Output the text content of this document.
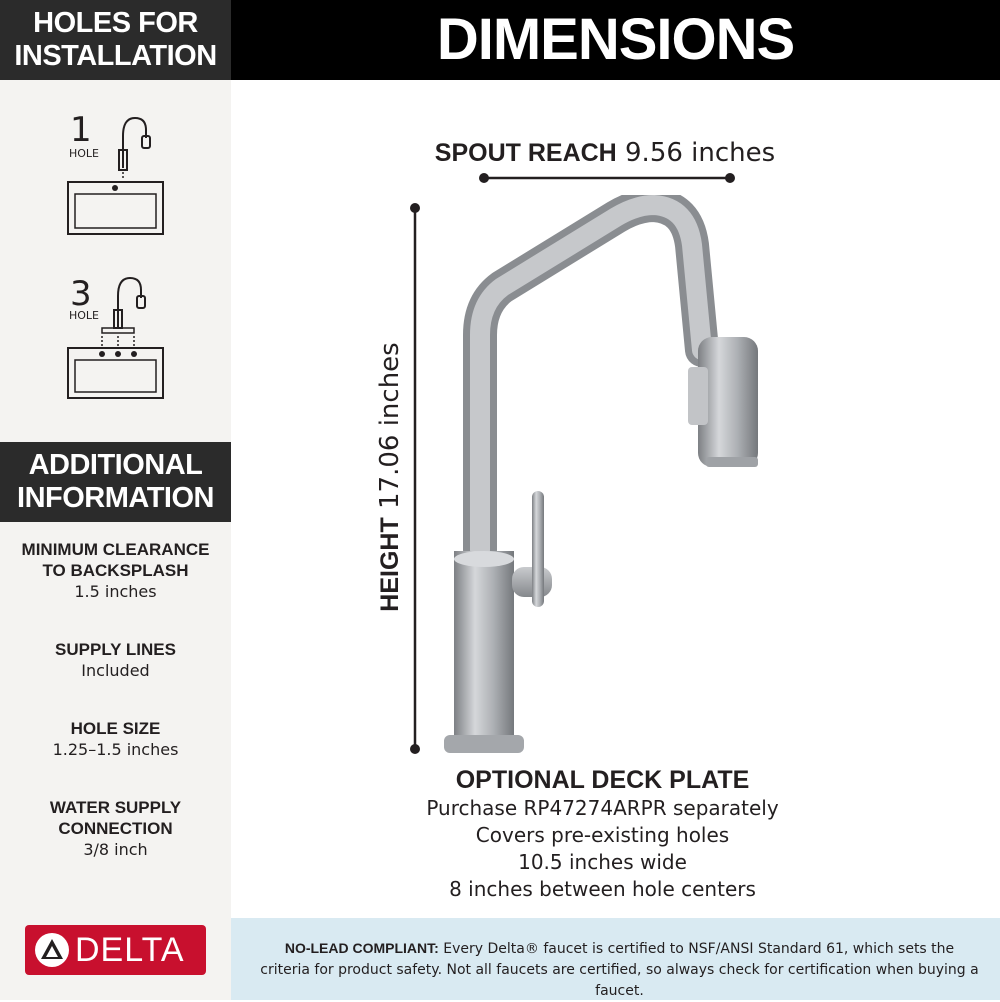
HOLES FOR
INSTALLATION	DIMENSIONS
1
HOLE
3
HOLE
ADDITIONAL
INFORMATION
MINIMUM CLEARANCE
TO BACKSPLASH
1.5 inches
SUPPLY LINES
Included
HOLE SIZE
1.25–1.5 inches
WATER SUPPLY
CONNECTION
3/8 inch
DELTA
SPOUT REACH 9.56 inches
HEIGHT 17.06 inches
OPTIONAL DECK PLATE
Purchase RP47274ARPR separately
Covers pre-existing holes
10.5 inches wide
8 inches between hole centers
NO-LEAD COMPLIANT: Every Delta® faucet is certified to NSF/ANSI Standard 61, which sets the criteria for product safety. Not all faucets are certified, so always check for certification when buying a faucet.
